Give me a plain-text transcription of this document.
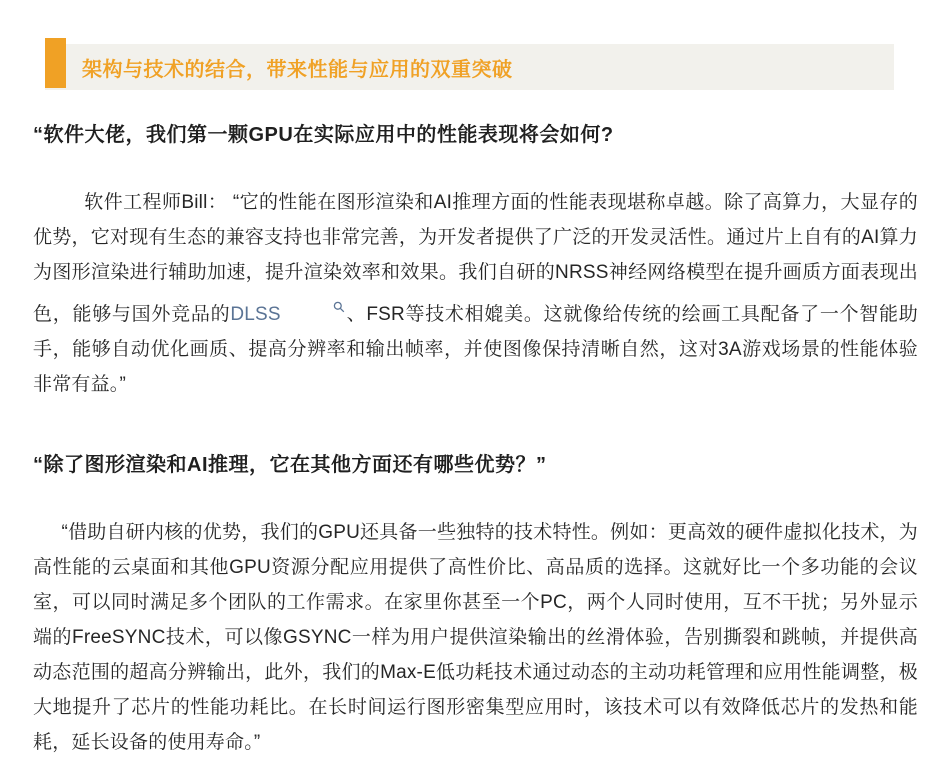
架构与技术的结合，带来性能与应用的双重突破
“软件大佬，我们第一颗GPU在实际应用中的性能表现将会如何?

软件工程师Bill： “它的性能在图形渲染和AI推理方面的性能表现堪称卓越。除了高算力，大显存的优势，它对现有生态的兼容支持也非常完善，为开发者提供了广泛的开发灵活性。通过片上自有的AI算力为图形渲染进行辅助加速，提升渲染效率和效果。我们自研的NRSS神经网络模型在提升画质方面表现出色，能够与国外竞品的DLSS	、FSR等技术相媲美。这就像给传统的绘画工具配备了一个智能助手，能够自动优化画质、提高分辨率和输出帧率，并使图像保持清晰自然，这对3A游戏场景的性能体验非常有益。”

“除了图形渲染和AI推理，它在其他方面还有哪些优势？”

“借助自研内核的优势，我们的GPU还具备一些独特的技术特性。例如：更高效的硬件虚拟化技术，为高性能的云桌面和其他GPU资源分配应用提供了高性价比、高品质的选择。这就好比一个多功能的会议室，可以同时满足多个团队的工作需求。在家里你甚至一个PC，两个人同时使用，互不干扰；另外显示端的FreeSYNC技术，可以像GSYNC一样为用户提供渲染输出的丝滑体验，告别撕裂和跳帧，并提供高动态范围的超高分辨输出，此外，我们的Max-E低功耗技术通过动态的主动功耗管理和应用性能调整，极大地提升了芯片的性能功耗比。在长时间运行图形密集型应用时，该技术可以有效降低芯片的发热和能耗，延长设备的使用寿命。”
